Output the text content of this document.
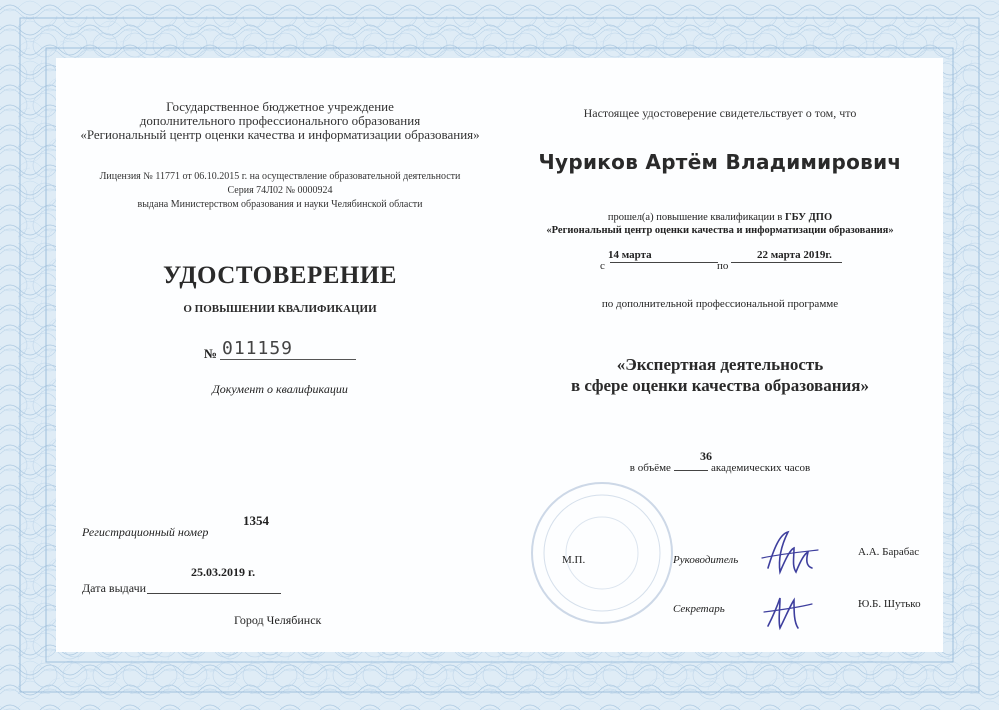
Государственное бюджетное учреждение
дополнительного профессионального образования
«Региональный центр оценки качества и информатизации образования»
Лицензия № 11771 от 06.10.2015 г. на осуществление образовательной деятельности
Серия 74Л02 № 0000924
выдана Министерством образования и науки Челябинской области
УДОСТОВЕРЕНИЕ
О ПОВЫШЕНИИ КВАЛИФИКАЦИИ
№ 011159
Документ о квалификации
Регистрационный номер
1354
25.03.2019 г.
Дата выдачи
Город Челябинск
Настоящее удостоверение свидетельствует о том, что
Чуриков Артём Владимирович
прошел(а) повышение квалификации в ГБУ ДПО
«Региональный центр оценки качества и информатизации образования»
с
14 марта
по
22 марта 2019г.
по дополнительной профессиональной программе
«Экспертная деятельность
в сфере оценки качества образования»
36
в объёме	академических часов
М.П.	Руководитель
А.А. Барабас
Секретарь	Ю.Б. Шутько
